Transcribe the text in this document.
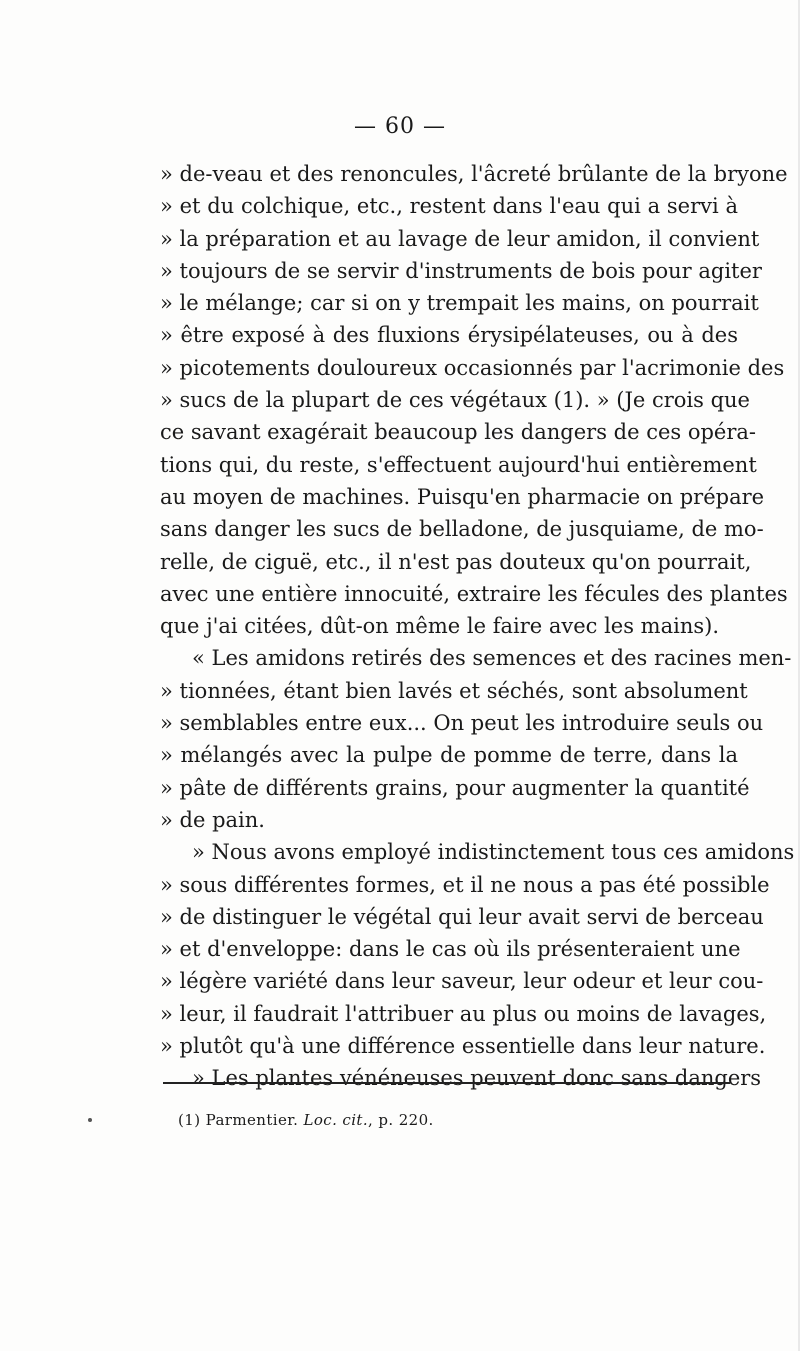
— 60 —
» de-veau et des renoncules, l'âcreté brûlante de la bryone
» et du colchique, etc., restent dans l'eau qui a servi à
» la préparation et au lavage de leur amidon, il convient
» toujours de se servir d'instruments de bois pour agiter
» le mélange; car si on y trempait les mains, on pourrait
» être exposé à des fluxions érysipélateuses, ou à des
» picotements douloureux occasionnés par l'acrimonie des
» sucs de la plupart de ces végétaux (1). » (Je crois que
ce savant exagérait beaucoup les dangers de ces opéra-
tions qui, du reste, s'effectuent aujourd'hui entièrement
au moyen de machines. Puisqu'en pharmacie on prépare
sans danger les sucs de belladone, de jusquiame, de mo-
relle, de ciguë, etc., il n'est pas douteux qu'on pourrait,
avec une entière innocuité, extraire les fécules des plantes
que j'ai citées, dût-on même le faire avec les mains).
« Les amidons retirés des semences et des racines men-
» tionnées, étant bien lavés et séchés, sont absolument
» semblables entre eux... On peut les introduire seuls ou
» mélangés avec la pulpe de pomme de terre, dans la
» pâte de différents grains, pour augmenter la quantité
» de pain.
» Nous avons employé indistinctement tous ces amidons
» sous différentes formes, et il ne nous a pas été possible
» de distinguer le végétal qui leur avait servi de berceau
» et d'enveloppe: dans le cas où ils présenteraient une
» légère variété dans leur saveur, leur odeur et leur cou-
» leur, il faudrait l'attribuer au plus ou moins de lavages,
» plutôt qu'à une différence essentielle dans leur nature.
» Les plantes vénéneuses peuvent donc sans dangers
(1) Parmentier. Loc. cit., p. 220.
